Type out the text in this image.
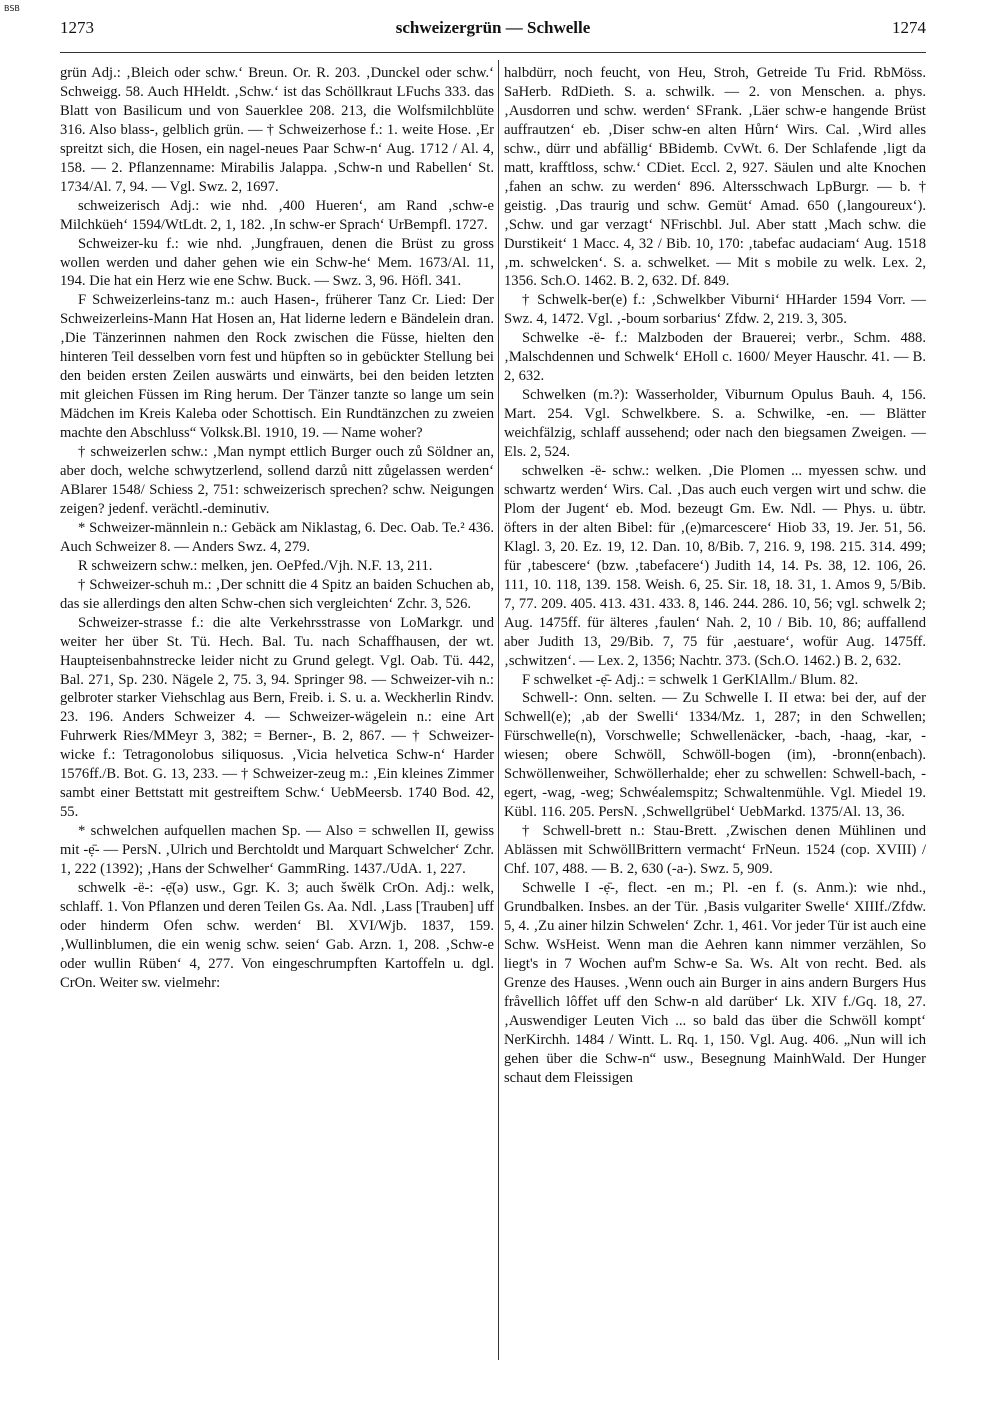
BSB
1273	schweizergrün — Schwelle	1274

grün Adj.: ‚Bleich oder schw.‘ Breun. Or. R. 203. ‚Dunckel oder schw.‘ Schweigg. 58. Auch HHeldt. ‚Schw.‘ ist das Schöllkraut LFuchs 333. das Blatt von Basilicum und von Sauerklee 208. 213, die Wolfsmilchblüte 316. Also blass-, gelblich grün. — † Schweizerhose f.: 1. weite Hose. ‚Er spreitzt sich, die Hosen, ein nagel-neues Paar Schw-n‘ Aug. 1712 / Al. 4, 158. — 2. Pflanzenname: Mirabilis Jalappa. ‚Schw-n und Rabellen‘ St. 1734/Al. 7, 94. — Vgl. Swz. 2, 1697.

schweizerisch Adj.: wie nhd. ‚400 Hueren‘, am Rand ‚schw-e Milchküeh‘ 1594/WtLdt. 2, 1, 182. ‚In schw-er Sprach‘ UrBempfl. 1727.

Schweizer-ku f.: wie nhd. ‚Jungfrauen, denen die Brüst zu gross wollen werden und daher gehen wie ein Schw-he‘ Mem. 1673/Al. 11, 194. Die hat ein Herz wie ene Schw. Buck. — Swz. 3, 96. Höfl. 341.

F Schweizerleins-tanz m.: auch Hasen-, früherer Tanz Cr. Lied: Der Schweizerleins-Mann Hat Hosen an, Hat liderne ledern e Bändelein dran. ‚Die Tänzerinnen nahmen den Rock zwischen die Füsse, hielten den hinteren Teil desselben vorn fest und hüpften so in gebückter Stellung bei den beiden ersten Zeilen auswärts und einwärts, bei den beiden letzten mit gleichen Füssen im Ring herum. Der Tänzer tanzte so lange um sein Mädchen im Kreis Kaleba oder Schottisch. Ein Rundtänzchen zu zweien machte den Abschluss“ Volksk.Bl. 1910, 19. — Name woher?

† schweizerlen schw.: ‚Man nympt ettlich Burger ouch zů Söldner an, aber doch, welche schwytzerlend, sollend darzů nitt zůgelassen werden‘ ABlarer 1548/ Schiess 2, 751: schweizerisch sprechen? schw. Neigungen zeigen? jedenf. verächtl.-deminutiv.

* Schweizer-männlein n.: Gebäck am Niklastag, 6. Dec. Oab. Te.² 436. Auch Schweizer 8. — Anders Swz. 4, 279.

R schweizern schw.: melken, jen. OePfed./Vjh. N.F. 13, 211.

† Schweizer-schuh m.: ‚Der schnitt die 4 Spitz an baiden Schuchen ab, das sie allerdings den alten Schw-chen sich vergleichten‘ Zchr. 3, 526.

Schweizer-strasse f.: die alte Verkehrsstrasse von LoMarkgr. und weiter her über St. Tü. Hech. Bal. Tu. nach Schaffhausen, der wt. Haupteisenbahnstrecke leider nicht zu Grund gelegt. Vgl. Oab. Tü. 442, Bal. 271, Sp. 230. Nägele 2, 75. 3, 94. Springer 98. — Schweizer-vih n.: gelbroter starker Viehschlag aus Bern, Freib. i. S. u. a. Weckherlin Rindv. 23. 196. Anders Schweizer 4. — Schweizer-wägelein n.: eine Art Fuhrwerk Ries/MMeyr 3, 382; = Berner-, B. 2, 867. — † Schweizer-wicke f.: Tetragonolobus siliquosus. ‚Vicia helvetica Schw-n‘ Harder 1576ff./B. Bot. G. 13, 233. — † Schweizer-zeug m.: ‚Ein kleines Zimmer sambt einer Bettstatt mit gestreiftem Schw.‘ UebMeersb. 1740 Bod. 42, 55.

* schwelchen aufquellen machen Sp. — Also = schwellen II, gewiss mit -ẹ̄- — PersN. ‚Ulrich und Berchtoldt und Marquart Schwelcher‘ Zchr. 1, 222 (1392); ‚Hans der Schwelher‘ GammRing. 1437./UdA. 1, 227.

schwelk -ë-: -ẹ̄(ə) usw., Ggr. K. 3; auch šwëlk CrOn. Adj.: welk, schlaff. 1. Von Pflanzen und deren Teilen Gs. Aa. Ndl. ‚Lass [Trauben] uff oder hinderm Ofen schw. werden‘ Bl. XVI/Wjb. 1837, 159. ‚Wullinblumen, die ein wenig schw. seien‘ Gab. Arzn. 1, 208. ‚Schw-e oder wullin Rüben‘ 4, 277. Von eingeschrumpften Kartoffeln u. dgl. CrOn. Weiter sw. vielmehr:

halbdürr, noch feucht, von Heu, Stroh, Getreide Tu Frid. RbMöss. SaHerb. RdDieth. S. a. schwilk. — 2. von Menschen. a. phys. ‚Ausdorren und schw. werden‘ SFrank. ‚Läer schw-e hangende Brüst auffrautzen‘ eb. ‚Diser schw-en alten Hůrn‘ Wirs. Cal. ‚Wird alles schw., dürr und abfällig‘ BBidemb. CvWt. 6. Der Schlafende ‚ligt da matt, krafftloss, schw.‘ CDiet. Eccl. 2, 927. Säulen und alte Knochen ‚fahen an schw. zu werden‘ 896. Altersschwach LpBurgr. — b. † geistig. ‚Das traurig und schw. Gemüt‘ Amad. 650 (‚langoureux‘). ‚Schw. und gar verzagt‘ NFrischbl. Jul. Aber statt ‚Mach schw. die Durstikeit‘ 1 Macc. 4, 32 / Bib. 10, 170: ‚tabefac audaciam‘ Aug. 1518 ‚m. schwelcken‘. S. a. schwelket. — Mit s mobile zu welk. Lex. 2, 1356. Sch.O. 1462. B. 2, 632. Df. 849.

† Schwelk-ber(e) f.: ‚Schwelkber Viburni‘ HHarder 1594 Vorr. — Swz. 4, 1472. Vgl. ‚-boum sorbarius‘ Zfdw. 2, 219. 3, 305.

Schwelke -ë- f.: Malzboden der Brauerei; verbr., Schm. 488. ‚Malschdennen und Schwelk‘ EHoll c. 1600/ Meyer Hauschr. 41. — B. 2, 632.

Schwelken (m.?): Wasserholder, Viburnum Opulus Bauh. 4, 156. Mart. 254. Vgl. Schwelkbere. S. a. Schwilke, -en. — Blätter weichfälzig, schlaff aussehend; oder nach den biegsamen Zweigen. — Els. 2, 524.

schwelken -ë- schw.: welken. ‚Die Plomen ... myessen schw. und schwartz werden‘ Wirs. Cal. ‚Das auch euch vergen wirt und schw. die Plom der Jugent‘ eb. Mod. bezeugt Gm. Ew. Ndl. — Phys. u. übtr. öfters in der alten Bibel: für ‚(e)marcescere‘ Hiob 33, 19. Jer. 51, 56. Klagl. 3, 20. Ez. 19, 12. Dan. 10, 8/Bib. 7, 216. 9, 198. 215. 314. 499; für ‚tabescere‘ (bzw. ‚tabefacere‘) Judith 14, 14. Ps. 38, 12. 106, 26. 111, 10. 118, 139. 158. Weish. 6, 25. Sir. 18, 18. 31, 1. Amos 9, 5/Bib. 7, 77. 209. 405. 413. 431. 433. 8, 146. 244. 286. 10, 56; vgl. schwelk 2; Aug. 1475ff. für älteres ‚faulen‘ Nah. 2, 10 / Bib. 10, 86; auffallend aber Judith 13, 29/Bib. 7, 75 für ‚aestuare‘, wofür Aug. 1475ff. ‚schwitzen‘. — Lex. 2, 1356; Nachtr. 373. (Sch.O. 1462.) B. 2, 632.

F schwelket -ẹ̄- Adj.: = schwelk 1 GerKlAllm./ Blum. 82.

Schwell-: Onn. selten. — Zu Schwelle I. II etwa: bei der, auf der Schwell(e); ‚ab der Swelli‘ 1334/Mz. 1, 287; in den Schwellen; Fürschwelle(n), Vorschwelle; Schwellenäcker, -bach, -haag, -kar, -wiesen; obere Schwöll, Schwöll-bogen (im), -bronn(enbach). Schwöllenweiher, Schwöllerhalde; eher zu schwellen: Schwell-bach, -egert, -wag, -weg; Schwéalemspitz; Schwaltenmühle. Vgl. Miedel 19. Kübl. 116. 205. PersN. ‚Schwellgrübel‘ UebMarkd. 1375/Al. 13, 36.

† Schwell-brett n.: Stau-Brett. ‚Zwischen denen Mühlinen und Ablässen mit SchwöllBrittern vermacht‘ FrNeun. 1524 (cop. XVIII) / Chf. 107, 488. — B. 2, 630 (-a-). Swz. 5, 909.

Schwelle I -ẹ̄-, flect. -en m.; Pl. -en f. (s. Anm.): wie nhd., Grundbalken. Insbes. an der Tür. ‚Basis vulgariter Swelle‘ XIIIf./Zfdw. 5, 4. ‚Zu ainer hilzin Schwelen‘ Zchr. 1, 461. Vor jeder Tür ist auch eine Schw. WsHeist. Wenn man die Aehren kann nimmer verzählen, So liegt's in 7 Wochen auf'm Schw-e Sa. Ws. Alt von recht. Bed. als Grenze des Hauses. ‚Wenn ouch ain Burger in ains andern Burgers Hus fråvellich lôffet uff den Schw-n ald darüber‘ Lk. XIV f./Gq. 18, 27. ‚Auswendiger Leuten Vich ... so bald das über die Schwöll kompt‘ NerKirchh. 1484 / Wintt. L. Rq. 1, 150. Vgl. Aug. 406. „Nun will ich gehen über die Schw-n“ usw., Besegnung MainhWald. Der Hunger schaut dem Fleissigen
